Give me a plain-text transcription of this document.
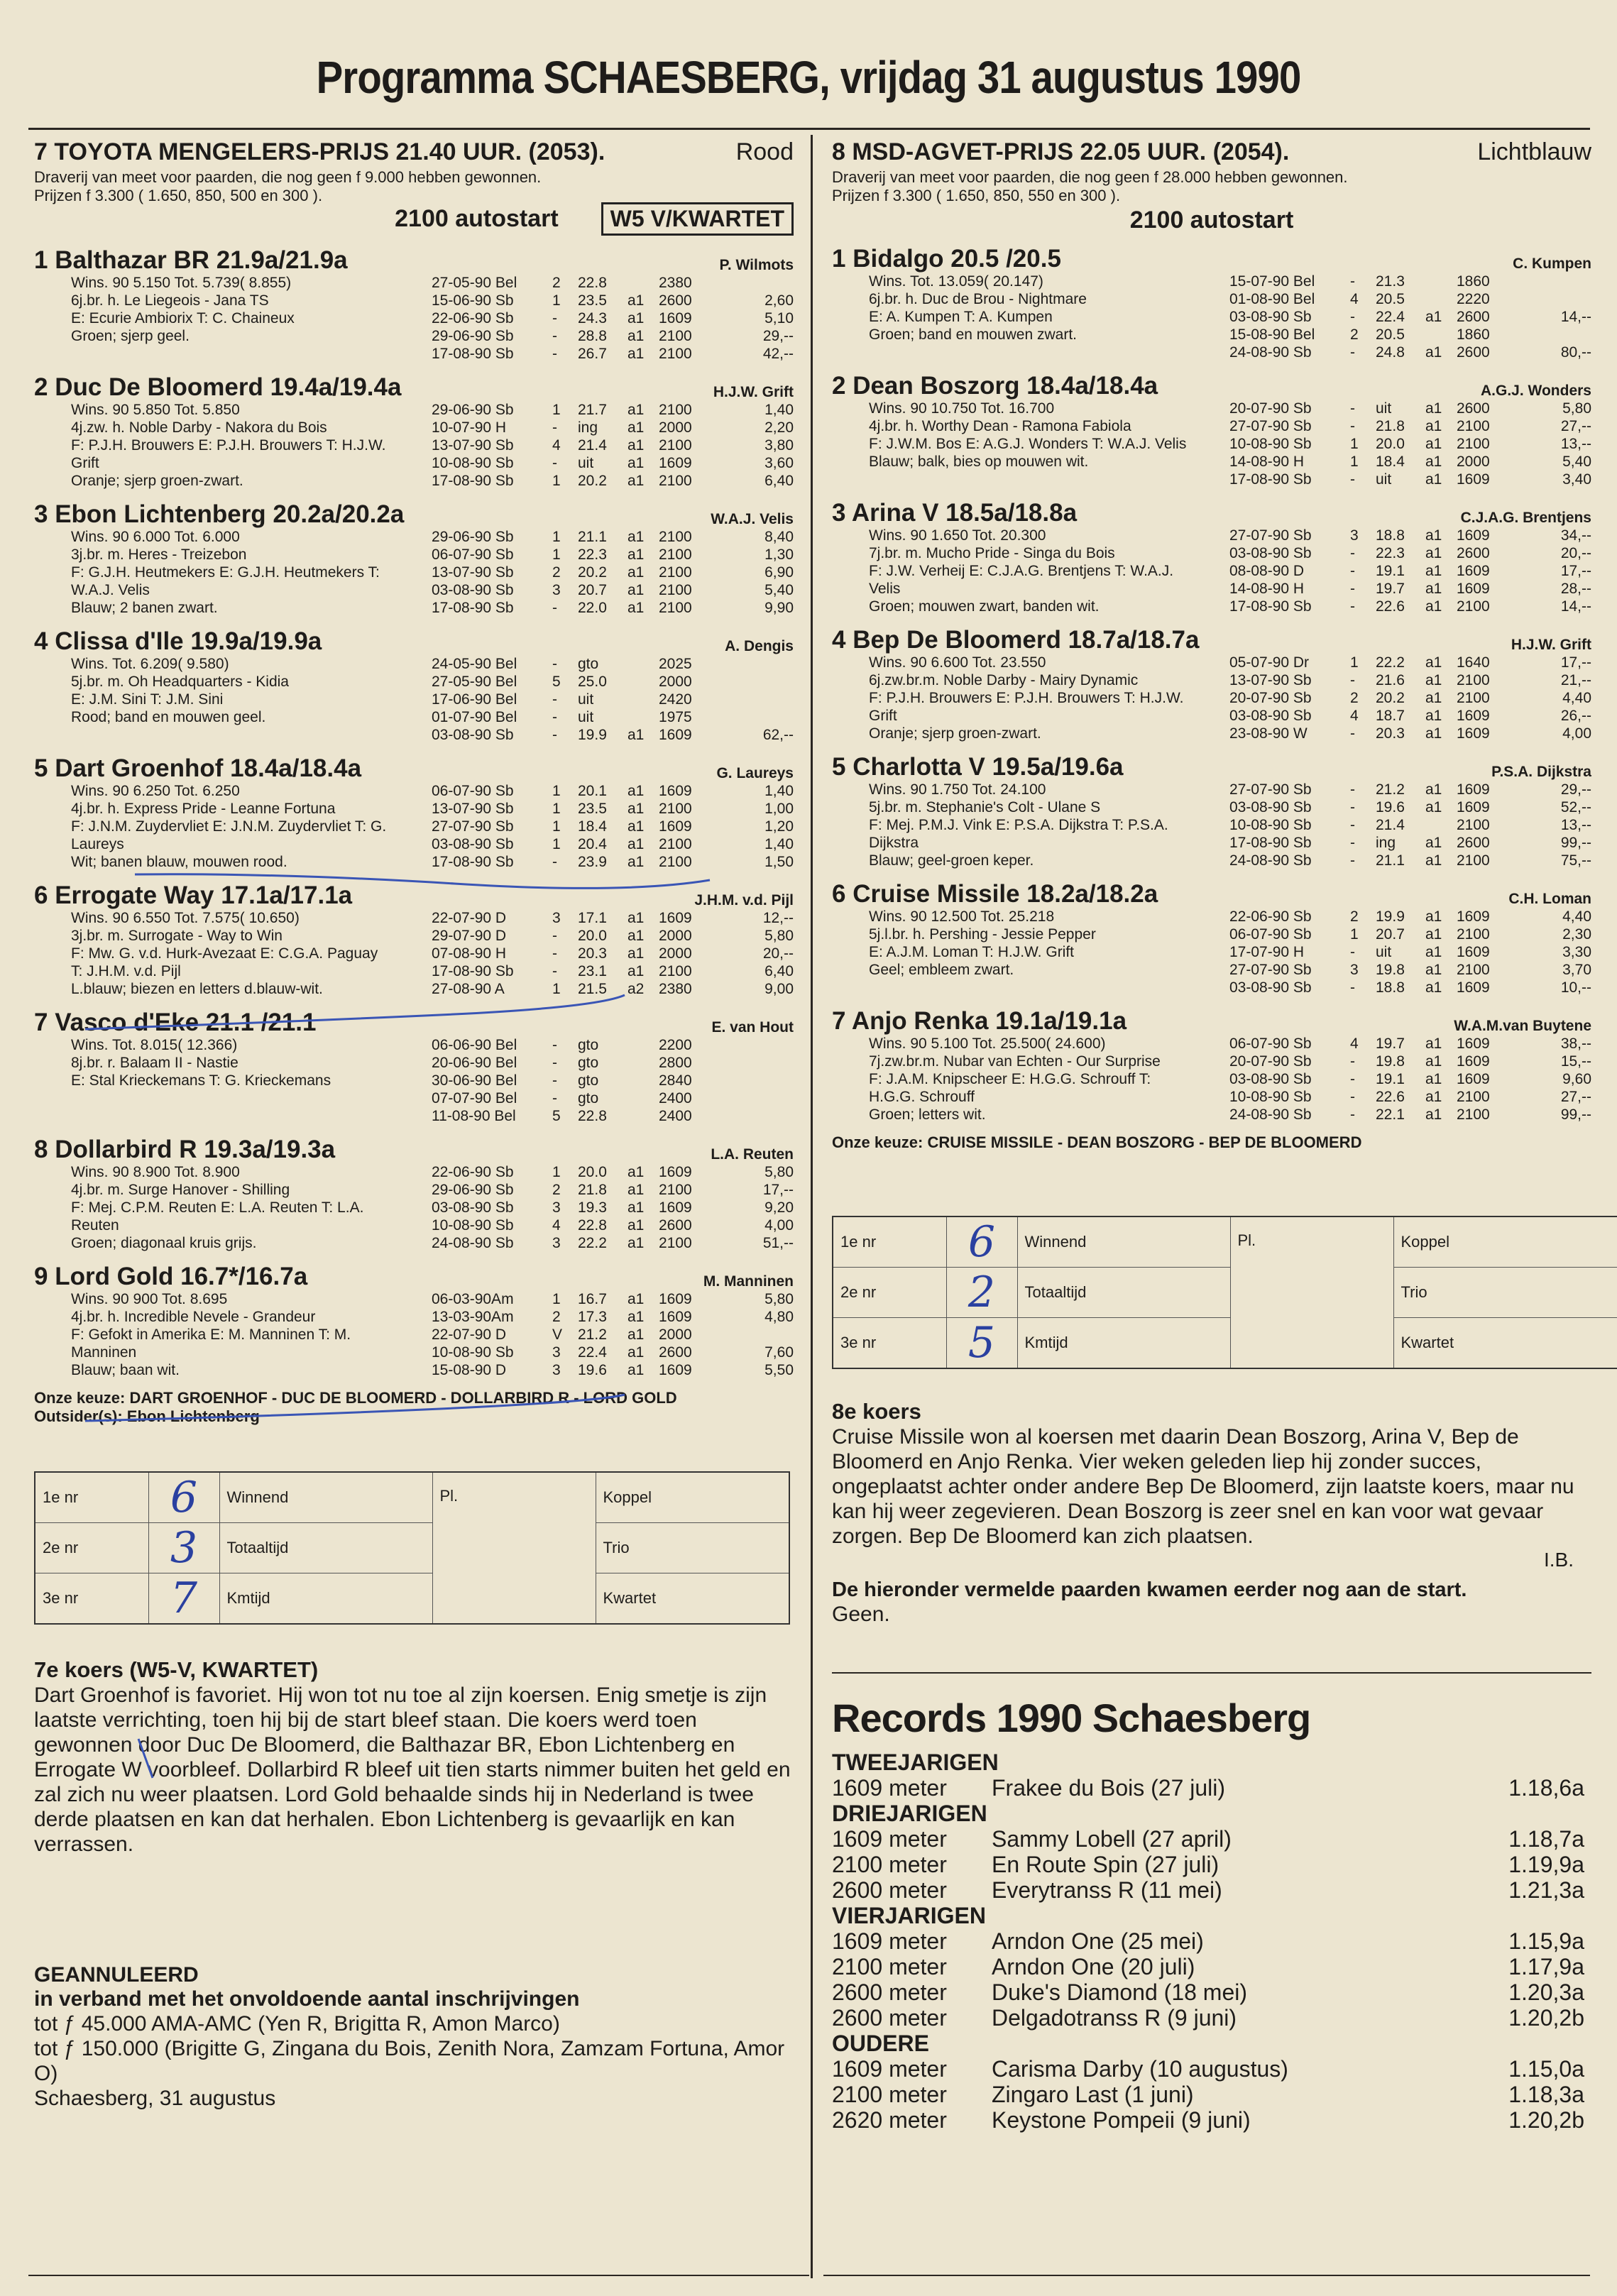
Programma SCHAESBERG, vrijdag 31 augustus 1990
7 TOYOTA MENGELERS-PRIJS 21.40 UUR. (2053).	Rood
Draverij van meet voor paarden, die nog geen f 9.000 hebben gewonnen.
Prijzen f 3.300 ( 1.650, 850, 500 en 300 ).
2100 autostart	W5 V/KWARTET
1 Balthazar BR 21.9a/21.9a	P. Wilmots
Wins. 90 5.150 Tot. 5.739( 8.855)
6j.br. h. Le Liegeois - Jana TS
E: Ecurie Ambiorix T: C. Chaineux
Groen; sjerp geel.
27-05-90 Bel	2	22.8	2380
15-06-90 Sb	1	23.5	a1 2600	2,60
22-06-90 Sb	-	24.3	a1 1609	5,10
29-06-90 Sb	-	28.8	a1 2100	29,--
17-08-90 Sb	-	26.7	a1 2100	42,--
2 Duc De Bloomerd 19.4a/19.4a	H.J.W. Grift
Wins. 90 5.850 Tot. 5.850
4j.zw. h. Noble Darby - Nakora du Bois
F: P.J.H. Brouwers E: P.J.H. Brouwers T: H.J.W.
Grift
Oranje; sjerp groen-zwart.
29-06-90 Sb	1	21.7	a1 2100	1,40
10-07-90 H	-	ing	a1 2000	2,20
13-07-90 Sb	4	21.4	a1 2100	3,80
10-08-90 Sb	-	uit	a1 1609	3,60
17-08-90 Sb	1	20.2	a1 2100	6,40
3 Ebon Lichtenberg 20.2a/20.2a	W.A.J. Velis
Wins. 90 6.000 Tot. 6.000
3j.br. m. Heres - Treizebon
F: G.J.H. Heutmekers E: G.J.H. Heutmekers T:
W.A.J. Velis
Blauw; 2 banen zwart.
29-06-90 Sb	1	21.1	a1 2100	8,40
06-07-90 Sb	1	22.3	a1 2100	1,30
13-07-90 Sb	2	20.2	a1 2100	6,90
03-08-90 Sb	3	20.7	a1 2100	5,40
17-08-90 Sb	-	22.0	a1 2100	9,90
4 Clissa d'Ile 19.9a/19.9a	A. Dengis
Wins. Tot. 6.209( 9.580)
5j.br. m. Oh Headquarters - Kidia
E: J.M. Sini T: J.M. Sini
Rood; band en mouwen geel.
24-05-90 Bel	-	gto	2025
27-05-90 Bel	5	25.0	2000
17-06-90 Bel	-	uit	2420
01-07-90 Bel	-	uit	1975
03-08-90 Sb	-	19.9	a1 1609	62,--
5 Dart Groenhof 18.4a/18.4a	G. Laureys
Wins. 90 6.250 Tot. 6.250
4j.br. h. Express Pride - Leanne Fortuna
F: J.N.M. Zuydervliet E: J.N.M. Zuydervliet T: G.
Laureys
Wit; banen blauw, mouwen rood.
06-07-90 Sb	1	20.1	a1 1609	1,40
13-07-90 Sb	1	23.5	a1 2100	1,00
27-07-90 Sb	1	18.4	a1 1609	1,20
03-08-90 Sb	1	20.4	a1 2100	1,40
17-08-90 Sb	-	23.9	a1 2100	1,50
6 Errogate Way 17.1a/17.1a	J.H.M. v.d. Pijl
Wins. 90 6.550 Tot. 7.575( 10.650)
3j.br. m. Surrogate - Way to Win
F: Mw. G. v.d. Hurk-Avezaat E: C.G.A. Paguay
T: J.H.M. v.d. Pijl
L.blauw; biezen en letters d.blauw-wit.
22-07-90 D	3	17.1	a1 1609	12,--
29-07-90 D	-	20.0	a1 2000	5,80
07-08-90 H	-	20.3	a1 2000	20,--
17-08-90 Sb	-	23.1	a1 2100	6,40
27-08-90 A	1	21.5	a2 2380	9,00
7 Vasco d'Eke 21.1 /21.1	E. van Hout
Wins. Tot. 8.015( 12.366)
8j.br. r. Balaam II - Nastie
E: Stal Krieckemans T: G. Krieckemans
06-06-90 Bel	-	gto	2200
20-06-90 Bel	-	gto	2800
30-06-90 Bel	-	gto	2840
07-07-90 Bel	-	gto	2400
11-08-90 Bel	5	22.8	2400
8 Dollarbird R 19.3a/19.3a	L.A. Reuten
Wins. 90 8.900 Tot. 8.900
4j.br. m. Surge Hanover - Shilling
F: Mej. C.P.M. Reuten E: L.A. Reuten T: L.A.
Reuten
Groen; diagonaal kruis grijs.
22-06-90 Sb	1	20.0	a1 1609	5,80
29-06-90 Sb	2	21.8	a1 2100	17,--
03-08-90 Sb	3	19.3	a1 1609	9,20
10-08-90 Sb	4	22.8	a1 2600	4,00
24-08-90 Sb	3	22.2	a1 2100	51,--
9 Lord Gold 16.7*/16.7a	M. Manninen
Wins. 90 900 Tot. 8.695
4j.br. h. Incredible Nevele - Grandeur
F: Gefokt in Amerika E: M. Manninen T: M.
Manninen
Blauw; baan wit.
06-03-90Am	1	16.7	a1 1609	5,80
13-03-90Am	2	17.3	a1 1609	4,80
22-07-90 D	V	21.2	a1 2000
10-08-90 Sb	3	22.4	a1 2600	7,60
15-08-90 D	3	19.6	a1 1609	5,50
Onze keuze: DART GROENHOF - DUC DE BLOOMERD - DOLLARBIRD R - LORD GOLD
Outsider(s): Ebon Lichtenberg
1e nr	6	Winnend	Pl.	Koppel
2e nr	3	Totaaltijd		Trio
3e nr	7	Kmtijd		Kwartet
7e koers (W5-V, KWARTET)
Dart Groenhof is favoriet. Hij won tot nu toe al zijn koersen. Enig smetje is zijn laatste verrichting, toen hij bij de start bleef staan. Die koers werd toen gewonnen door Duc De Bloomerd, die Balthazar BR, Ebon Lichtenberg en Errogate W voorbleef. Dollarbird R bleef uit tien starts nimmer buiten het geld en zal zich nu weer plaatsen. Lord Gold behaalde sinds hij in Nederland is twee derde plaatsen en kan dat herhalen. Ebon Lichtenberg is gevaarlijk en kan verrassen.
GEANNULEERD
in verband met het onvoldoende aantal inschrijvingen
tot ƒ 45.000 AMA-AMC (Yen R, Brigitta R, Amon Marco)
tot ƒ 150.000 (Brigitte G, Zingana du Bois, Zenith Nora, Zamzam Fortuna, Amor O)
Schaesberg, 31 augustus
8 MSD-AGVET-PRIJS 22.05 UUR. (2054).	Lichtblauw
Draverij van meet voor paarden, die nog geen f 28.000 hebben gewonnen.
Prijzen f 3.300 ( 1.650, 850, 550 en 300 ).
2100 autostart
1 Bidalgo 20.5 /20.5	C. Kumpen
Wins. Tot. 13.059( 20.147)
6j.br. h. Duc de Brou - Nightmare
E: A. Kumpen T: A. Kumpen
Groen; band en mouwen zwart.
15-07-90 Bel	-	21.3	1860
01-08-90 Bel	4	20.5	2220
03-08-90 Sb	-	22.4	a1 2600	14,--
15-08-90 Bel	2	20.5	1860
24-08-90 Sb	-	24.8	a1 2600	80,--
2 Dean Boszorg 18.4a/18.4a	A.G.J. Wonders
Wins. 90 10.750 Tot. 16.700
4j.br. h. Worthy Dean - Ramona Fabiola
F: J.W.M. Bos E: A.G.J. Wonders T: W.A.J. Velis
Blauw; balk, bies op mouwen wit.
20-07-90 Sb	-	uit	a1 2600	5,80
27-07-90 Sb	-	21.8	a1 2100	27,--
10-08-90 Sb	1	20.0	a1 2100	13,--
14-08-90 H	1	18.4	a1 2000	5,40
17-08-90 Sb	-	uit	a1 1609	3,40
3 Arina V 18.5a/18.8a	C.J.A.G. Brentjens
Wins. 90 1.650 Tot. 20.300
7j.br. m. Mucho Pride - Singa du Bois
F: J.W. Verheij E: C.J.A.G. Brentjens T: W.A.J.
Velis
Groen; mouwen zwart, banden wit.
27-07-90 Sb	3	18.8	a1 1609	34,--
03-08-90 Sb	-	22.3	a1 2600	20,--
08-08-90 D	-	19.1	a1 1609	17,--
14-08-90 H	-	19.7	a1 1609	28,--
17-08-90 Sb	-	22.6	a1 2100	14,--
4 Bep De Bloomerd 18.7a/18.7a	H.J.W. Grift
Wins. 90 6.600 Tot. 23.550
6j.zw.br.m. Noble Darby - Mairy Dynamic
F: P.J.H. Brouwers E: P.J.H. Brouwers T: H.J.W.
Grift
Oranje; sjerp groen-zwart.
05-07-90 Dr	1	22.2	a1 1640	17,--
13-07-90 Sb	-	21.6	a1 2100	21,--
20-07-90 Sb	2	20.2	a1 2100	4,40
03-08-90 Sb	4	18.7	a1 1609	26,--
23-08-90 W	-	20.3	a1 1609	4,00
5 Charlotta V 19.5a/19.6a	P.S.A. Dijkstra
Wins. 90 1.750 Tot. 24.100
5j.br. m. Stephanie's Colt - Ulane S
F: Mej. P.M.J. Vink E: P.S.A. Dijkstra T: P.S.A.
Dijkstra
Blauw; geel-groen keper.
27-07-90 Sb	-	21.2	a1 1609	29,--
03-08-90 Sb	-	19.6	a1 1609	52,--
10-08-90 Sb	-	21.4	2100	13,--
17-08-90 Sb	-	ing	a1 2600	99,--
24-08-90 Sb	-	21.1	a1 2100	75,--
6 Cruise Missile 18.2a/18.2a	C.H. Loman
Wins. 90 12.500 Tot. 25.218
5j.l.br. h. Pershing - Jessie Pepper
E: A.J.M. Loman T: H.J.W. Grift
Geel; embleem zwart.
22-06-90 Sb	2	19.9	a1 1609	4,40
06-07-90 Sb	1	20.7	a1 2100	2,30
17-07-90 H	-	uit	a1 1609	3,30
27-07-90 Sb	3	19.8	a1 2100	3,70
03-08-90 Sb	-	18.8	a1 1609	10,--
7 Anjo Renka 19.1a/19.1a	W.A.M.van Buytene
Wins. 90 5.100 Tot. 25.500( 24.600)
7j.zw.br.m. Nubar van Echten - Our Surprise
F: J.A.M. Knipscheer E: H.G.G. Schrouff T:
H.G.G. Schrouff
Groen; letters wit.
06-07-90 Sb	4	19.7	a1 1609	38,--
20-07-90 Sb	-	19.8	a1 1609	15,--
03-08-90 Sb	-	19.1	a1 1609	9,60
10-08-90 Sb	-	22.6	a1 2100	27,--
24-08-90 Sb	-	22.1	a1 2100	99,--
Onze keuze: CRUISE MISSILE - DEAN BOSZORG - BEP DE BLOOMERD
1e nr	6	Winnend	Pl.	Koppel
2e nr	2	Totaaltijd		Trio
3e nr	5	Kmtijd		Kwartet
8e koers
Cruise Missile won al koersen met daarin Dean Boszorg, Arina V, Bep de Bloomerd en Anjo Renka. Vier weken geleden liep hij zonder succes, ongeplaatst achter onder andere Bep De Bloomerd, zijn laatste koers, maar nu kan hij weer zegevieren. Dean Boszorg is zeer snel en kan voor wat gevaar zorgen. Bep De Bloomerd kan zich plaatsen.
I.B.
De hieronder vermelde paarden kwamen eerder nog aan de start.
Geen.
Records 1990 Schaesberg
TWEEJARIGEN
1609 meter	Frakee du Bois (27 juli)	1.18,6a
DRIEJARIGEN
1609 meter	Sammy Lobell (27 april)	1.18,7a
2100 meter	En Route Spin (27 juli)	1.19,9a
2600 meter	Everytranss R (11 mei)	1.21,3a
VIERJARIGEN
1609 meter	Arndon One (25 mei)	1.15,9a
2100 meter	Arndon One (20 juli)	1.17,9a
2600 meter	Duke's Diamond (18 mei)	1.20,3a
2600 meter	Delgadotranss R (9 juni)	1.20,2b
OUDERE
1609 meter	Carisma Darby (10 augustus)	1.15,0a
2100 meter	Zingaro Last (1 juni)	1.18,3a
2620 meter	Keystone Pompeii (9 juni)	1.20,2b
